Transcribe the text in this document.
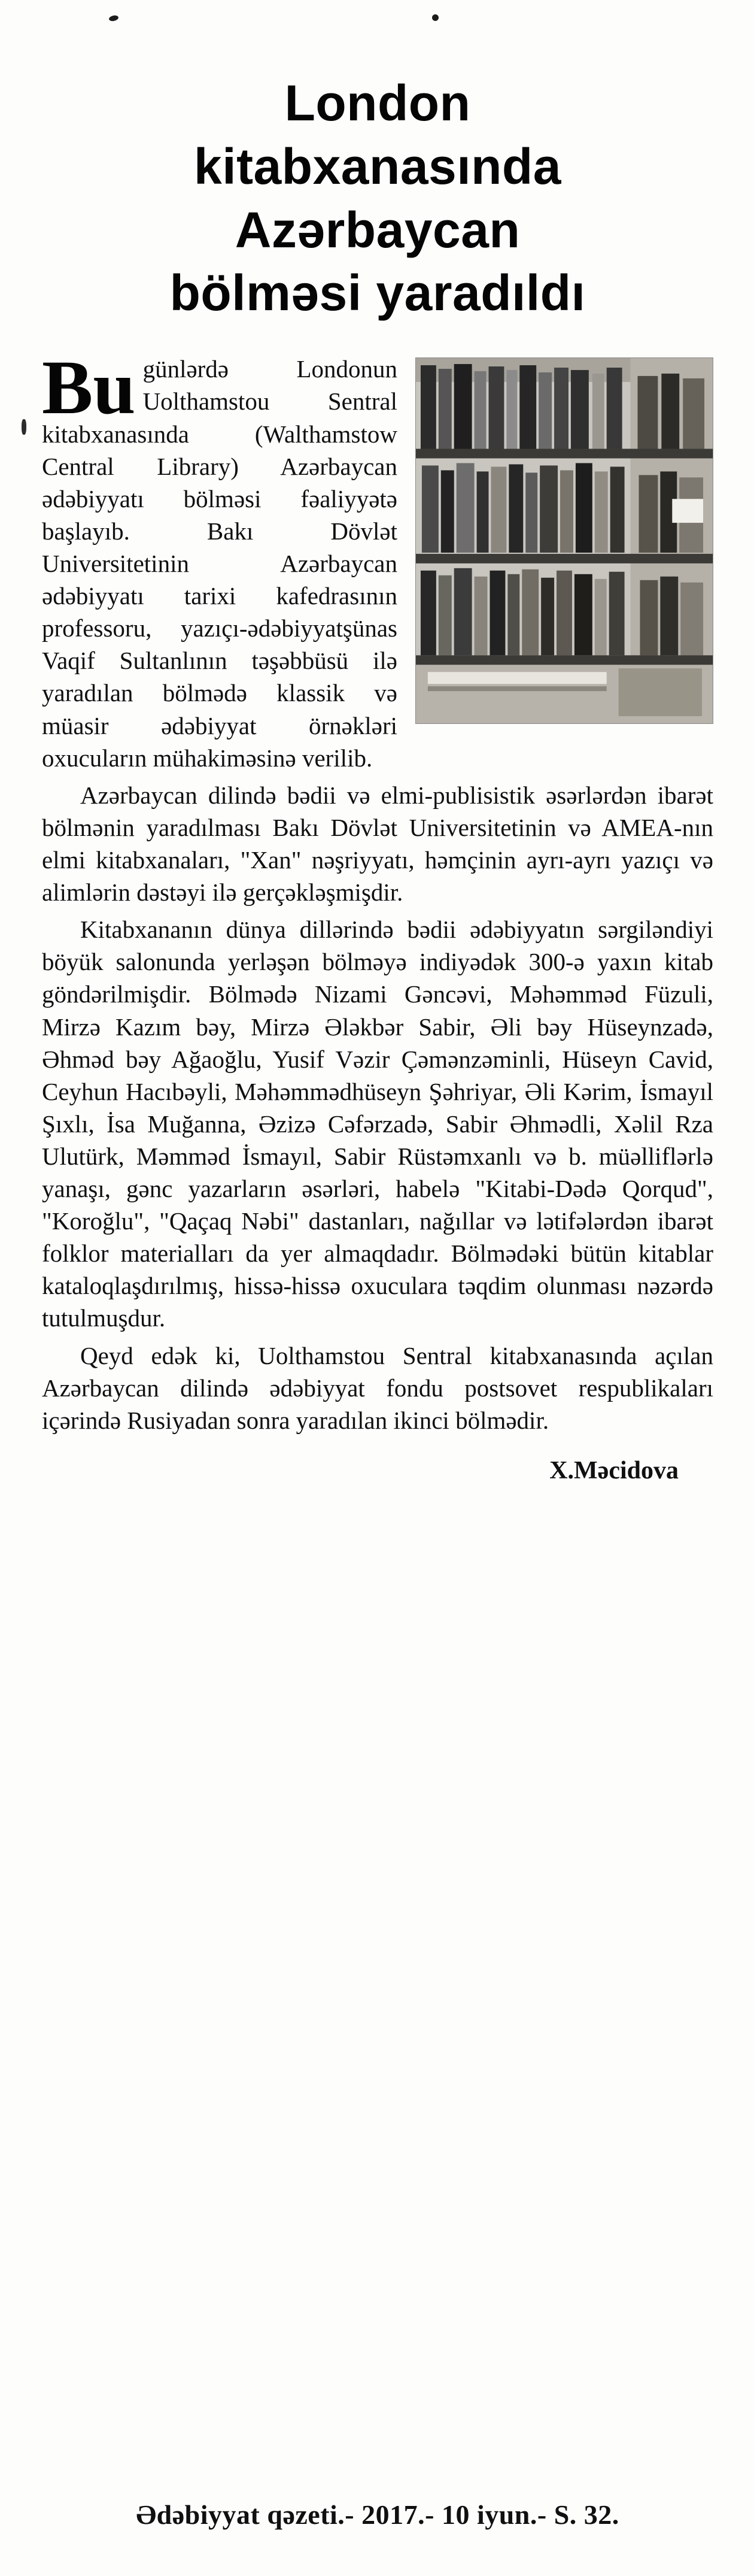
London
kitabxanasında
Azərbaycan
bölməsi yaradıldı

Bu günlərdə Londonun Uolthamstou Sentral kitabxanasında (Walthamstow Central Library) Azərbaycan ədəbiyyatı bölməsi fəaliyyətə başlayıb. Bakı Dövlət Universitetinin Azərbaycan ədəbiyyatı tarixi kafedrasının professoru, yazıçı-ədəbiyyatşünas Vaqif Sultanlının təşəbbüsü ilə yaradılan bölmədə klassik və müasir ədəbiyyat örnəkləri oxucuların mühakiməsinə verilib.

Azərbaycan dilində bədii və elmi-publisistik əsərlərdən ibarət bölmənin yaradılması Bakı Dövlət Universitetinin və AMEA-nın elmi kitabxanaları, "Xan" nəşriyyatı, həmçinin ayrı-ayrı yazıçı və alimlərin dəstəyi ilə gerçəkləşmişdir.

Kitabxananın dünya dillərində bədii ədəbiyyatın sərgiləndiyi böyük salonunda yerləşən bölməyə indiyədək 300-ə yaxın kitab göndərilmişdir. Bölmədə Nizami Gəncəvi, Məhəmməd Füzuli, Mirzə Kazım bəy, Mirzə Ələkbər Sabir, Əli bəy Hüseynzadə, Əhməd bəy Ağaoğlu, Yusif Vəzir Çəmənzəminli, Hüseyn Cavid, Ceyhun Hacıbəyli, Məhəmmədhüseyn Şəhriyar, Əli Kərim, İsmayıl Şıxlı, İsa Muğanna, Əzizə Cəfərzadə, Sabir Əhmədli, Xəlil Rza Ulutürk, Məmməd İsmayıl, Sabir Rüstəmxanlı və b. müəlliflərlə yanaşı, gənc yazarların əsərləri, habelə "Kitabi-Dədə Qorqud", "Koroğlu", "Qaçaq Nəbi" dastanları, nağıllar və lətifələrdən ibarət folklor materialları da yer almaqdadır. Bölmədəki bütün kitablar kataloqlaşdırılmış, hissə-hissə oxuculara təqdim olunması nəzərdə tutulmuşdur.

Qeyd edək ki, Uolthamstou Sentral kitabxanasında açılan Azərbaycan dilində ədəbiyyat fondu postsovet respublikaları içərində Rusiyadan sonra yaradılan ikinci bölmədir.

X.Məcidova
Ədəbiyyat qəzeti.- 2017.- 10 iyun.- S. 32.
